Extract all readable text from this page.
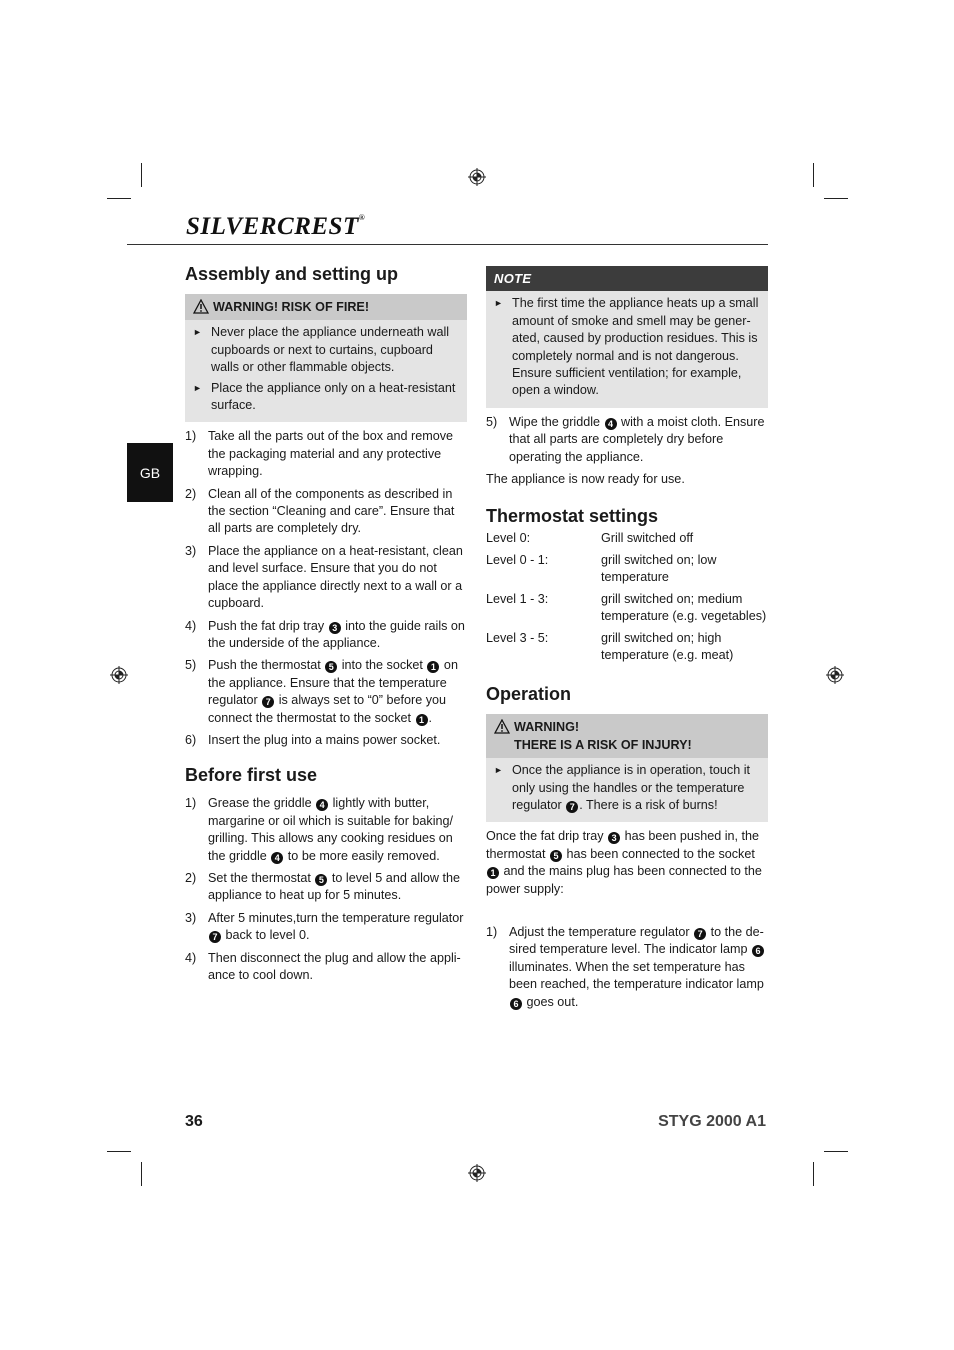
SILVERCREST®
GB
Assembly and setting up
WARNING! RISK OF FIRE!
► Never place the appliance underneath wall cupboards or next to curtains, cupboard walls or other flammable objects.
► Place the appliance only on a heat-resistant surface.
1) Take all the parts out of the box and remove the packaging material and any protective wrapping.
2) Clean all of the components as described in the section “Cleaning and care”. Ensure that all parts are completely dry.
3) Place the appliance on a heat-resistant, clean and level surface. Ensure that you do not place the appliance directly next to a wall or a cupboard.
4) Push the fat drip tray 3 into the guide rails on the underside of the appliance.
5) Push the thermostat 5 into the socket 1 on the appliance. Ensure that the temperature regulator 7 is always set to “0” before you connect the thermostat to the socket 1 .
6) Insert the plug into a mains power socket.
Before first use
1) Grease the griddle 4 lightly with butter, margarine or oil which is suitable for baking/ grilling. This allows any cooking residues on the griddle 4 to be more easily removed.
2) Set the thermostat 5 to level 5 and allow the appliance to heat up for 5 minutes.
3) After 5 minutes,turn the temperature regulator 7 back to level 0.
4) Then disconnect the plug and allow the appli- ance to cool down.
NOTE
► The first time the appliance heats up a small amount of smoke and smell may be gener- ated, caused by production residues. This is completely normal and is not dangerous. Ensure sufficient ventilation; for example, open a window.
5) Wipe the griddle 4 with a moist cloth. Ensure that all parts are completely dry before operating the appliance.
The appliance is now ready for use.
Thermostat settings
Level 0:	Grill switched off
Level 0 - 1:	grill switched on; low temperature
Level 1 - 3:	grill switched on; medium temperature (e.g. vegetables)
Level 3 - 5:	grill switched on; high temperature (e.g. meat)
Operation
WARNING!
THERE IS A RISK OF INJURY!
► Once the appliance is in operation, touch it only using the handles or the temperature regulator 7 . There is a risk of burns!
Once the fat drip tray 3 has been pushed in, the thermostat 5 has been connected to the socket 1 and the mains plug has been connected to the power supply:
1) Adjust the temperature regulator 7 to the de- sired temperature level. The indicator lamp 6 illuminates. When the set temperature has been reached, the temperature indicator lamp 6 goes out.
36	STYG 2000 A1
